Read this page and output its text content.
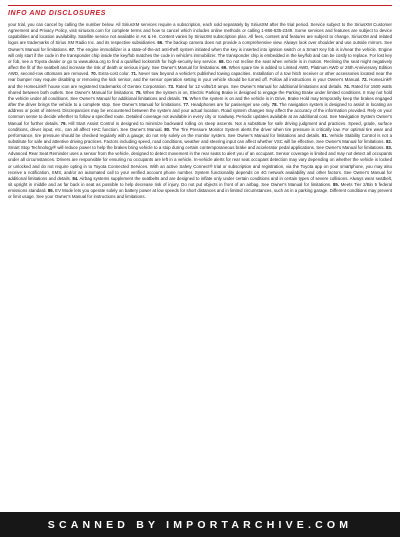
INFO AND DISCLOSURES
your trial, you can cancel by calling the number below. All SiriusXM services require a subscription, each sold separately by SiriusXM after the trial period. Service subject to the SiriusXM Customer Agreement and Privacy Policy, visit siriusxm.com for complete terms and how to cancel which includes online methods or calling 1-866-635-2349. Some services and features are subject to device capabilities and location availability. Satellite service not available in AK & HI. Content varies by SiriusXM subscription plan. All fees, content and features are subject to change. SiriusXM and related logos are trademarks of Sirius XM Radio Inc. and its respective subsidiaries. 66. The backup camera does not provide a comprehensive view. Always look over shoulder and use outside mirrors. See Owner's Manual for limitations. 67. The engine immobilizer is a state-of-the-art anti-theft system initiated when the key is inserted into ignition switch or a Smart Key fob is in/near the vehicle. Engine will only start if the code in the transponder chip inside the key/fob matches the code in vehicle's immobilizer. The transponder chip is embedded in the key/fob and can be costly to replace. For lost key or fob, see a Toyota dealer or go to www.aksa.org to find a qualified locksmith for high-security key service. 68. Do not recline the seat when vehicle is in motion. Reclining the seat might negatively affect the fit of the seatbelt and increase the risk of death or serious injury. See Owner's Manual for limitations. 69. When spare tire is added to Limited AWD, Platinum AWD or 25th Anniversary Edition AWD, second-row ottomans are removed. 70. Extra-cost color. 71. Never tow beyond a vehicle's published towing capacities. Installation of a tow hitch receiver or other accessories located near the rear bumper may require disabling or removing the kick sensor, and the sensor operation setting in your vehicle should be turned off. Follow all instructions in your Owner's Manual. 72. HomeLink® and the HomeLink® house icon are registered trademarks of Gentex Corporation. 73. Rated for 12 volts/10 amps. See Owner's Manual for additional limitations and details. 74. Rated for 1500 watts shared between both outlets. See Owner's Manual for limitations. 75. When the system is on, Electric Parking Brake is designed to engage the Parking Brake under limited conditions. It may not hold the vehicle under all conditions. See Owner's Manual for additional limitations and details. 76. When the system is on and the vehicle is in Drive, Brake Hold may temporarily keep the brakes engaged after the driver brings the vehicle to a complete stop. See Owner's Manual for limitations. 77. Headphones are for passenger use only. 78. The navigation system is designed to assist in locating an address or point of interest. Discrepancies may be encountered between the system and your actual location. Road system changes may affect the accuracy of the information provided. Rely on your common sense to decide whether to follow a specified route. Detailed coverage not available in every city or roadway. Periodic updates available at an additional cost. See Navigation System Owner's Manual for further details. 79. Hill Start Assist Control is designed to minimize backward rolling on steep ascents. Not a substitute for safe driving judgment and practices. Speed, grade, surface conditions, driver input, etc., can all affect HAC function. See Owner's Manual. 80. The Tire Pressure Monitor System alerts the driver when tire pressure is critically low. For optimal tire wear and performance, tire pressure should be checked regularly with a gauge; do not rely solely on the monitor system. See Owner's Manual for limitations and details. 81. Vehicle Stability Control is not a substitute for safe and attentive driving practices. Factors including speed, road conditions, weather and steering input can affect whether VSC will be effective. See Owner's Manual for limitations. 82. Smart Stop Technology® will reduce power to help the brakes bring vehicle to a stop during certain contemporaneous brake and accelerator pedal applications. See Owner's Manual for limitations. 83. Advanced Rear Seat Reminder uses a sensor from the vehicle, designed to detect movement in the rear seats to alert you of an occupant. Sensor coverage is limited and may not detect all occupants under all circumstances. Drivers are responsible for ensuring no occupants are left in a vehicle. In-vehicle alerts for rear seat occupant detection may vary depending on whether the vehicle is locked or unlocked and do not require opting in to Toyota Connected Services. With an active Safety Connect® trial or subscription and registration, via the Toyota app on your smartphone, you may also receive a notification, SMS, and/or an automated call to your verified account phone number. System functionality depends on 4G network availability and other factors. See Owner's Manual for additional limitations and details. 84. Airbag systems supplement the seatbelts and are designed to inflate only under certain conditions and in certain types of severe collisions. Always wear seatbelt, sit upright in middle and as far back in seat as possible to help decrease risk of injury. Do not put objects in front of an airbag. See Owner's Manual for limitations. 85. Meets Tier 2/Bin 5 federal emissions standard. 86. EV Mode lets you operate solely on battery power at low speeds for short distances and in limited circumstances, such as in a parking garage. Different conditions may prevent or limit usage. See your Owner's Manual for instructions and limitations.
SCANNED BY IMPORTARCHIVE.COM
